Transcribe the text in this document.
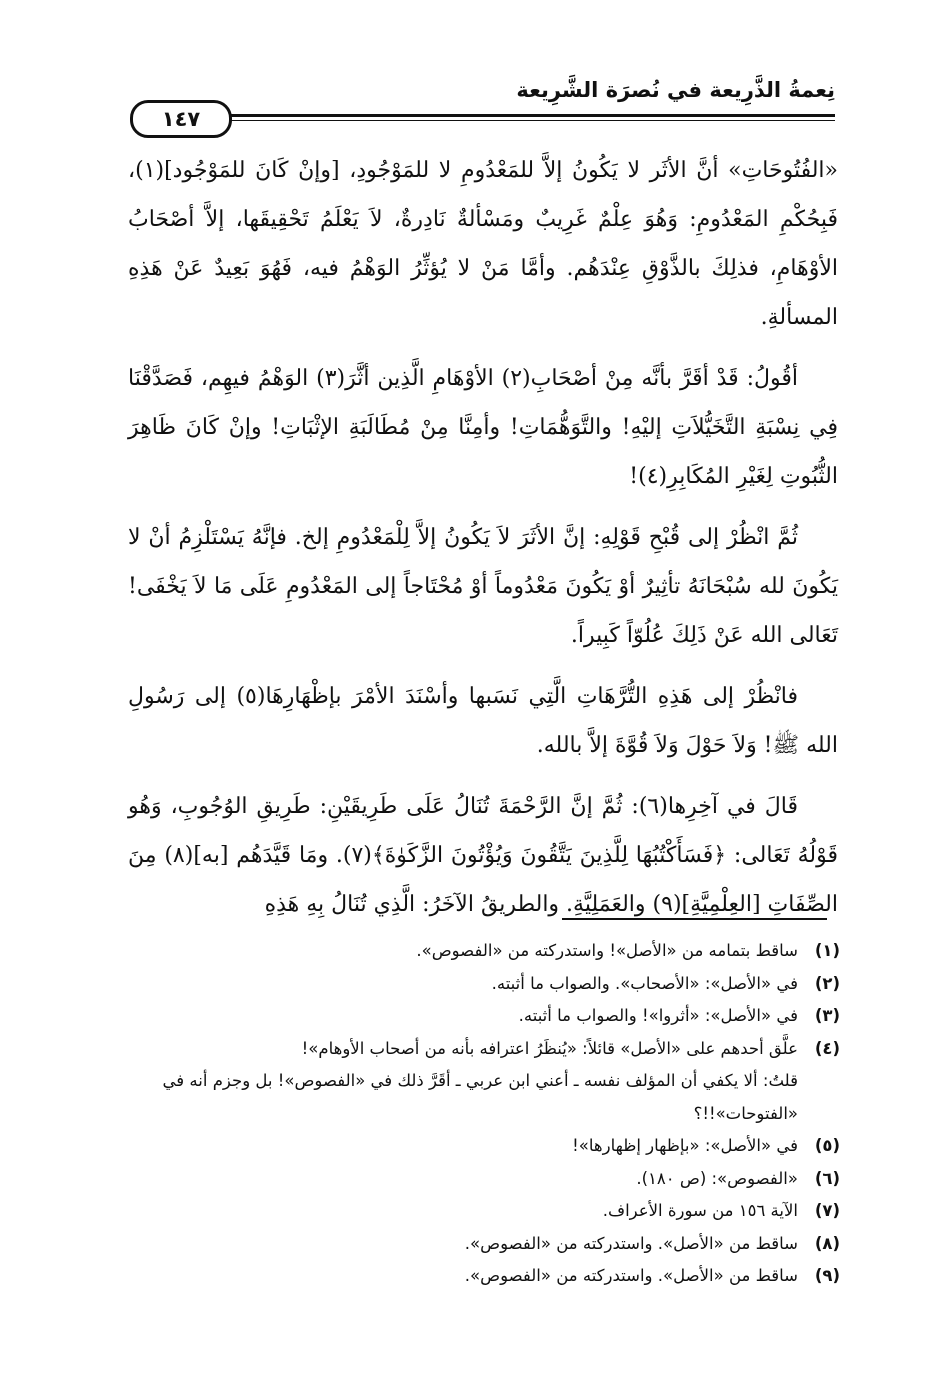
نِعمةُ الذَّرِيعة في نُصرَة الشَّرِيعة
١٤٧

«الفُتُوحَاتِ» أنَّ الأثَر لا يَكُونُ إلاَّ للمَعْدُومِ لا للمَوْجُودِ، [وإنْ كَانَ للمَوْجُود](١)، فَبِحُكْمِ المَعْدُومِ: وَهُوَ عِلْمٌ غَرِيبٌ ومَسْألةٌ نَادِرةٌ، لاَ يَعْلَمُ تَحْقِيقَها، إلاَّ أصْحَابُ الأوْهَامِ، فذلِكَ بالذَّوْقِ عِنْدَهُم. وأمَّا مَنْ لا يُؤثِّرُ الوَهْمُ فيه، فَهُوَ بَعِيدٌ عَنْ هَذِهِ المسألةِ.

أقُولُ: قَدْ أقَرَّ بأنَّه مِنْ أصْحَابِ(٢) الأوْهَامِ الَّذِين أثَّرَ(٣) الوَهْمُ فيهِم، فَصَدَّقْنَا فِي نِسْبَةِ التَّخَيُّلاَتِ إليْهِ! والتَّوَهُّمَاتِ! وأمِنَّا مِنْ مُطَالَبَةِ الإثْبَاتِ! وإنْ كَانَ ظَاهِرَ الثُّبُوتِ لِغَيْرِ المُكَابِرِ(٤)!

ثُمَّ انْظُرْ إلى قُبْحِ قَوْلِهِ: إنَّ الأثَرَ لاَ يَكُونُ إلاَّ لِلْمَعْدُومِ إلخ. فإنَّهُ يَسْتَلْزِمُ أنْ لا يَكُونَ لله سُبْحَانَهُ تأثِيرٌ أوْ يَكُونَ مَعْدُوماً أوْ مُحْتَاجاً إلى المَعْدُومِ عَلَى مَا لاَ يَخْفَى! تَعَالى الله عَنْ ذَلِكَ عُلُوّاً كَبِيراً.

فانْظُرْ إلى هَذِهِ التُّرَّهَاتِ الَّتِي نَسَبها وأسْنَدَ الأمْرَ بإظْهَارِهَا(٥) إلى رَسُولِ الله ﷺ! وَلاَ حَوْلَ وَلاَ قُوَّةَ إلاَّ بالله.

قَالَ في آخِرِها(٦): ثُمَّ إنَّ الرَّحْمَةَ تُنَالُ عَلَى طَرِيقَيْنِ: طَرِيقِ الوُجُوبِ، وَهُو قَوْلُهُ تَعَالى: ﴿فَسَأَكْتُبُهَا لِلَّذِينَ يَتَّقُونَ وَيُؤْتُونَ الزَّكَوٰةَ﴾(٧). ومَا قَيَّدَهُم [به](٨) مِنَ الصِّفَاتِ [العِلْمِيَّةِ](٩) والعَمَلِيَّةِ. والطريقُ الآخَرُ: الَّذِي تُنَالُ بِهِ هَذِهِ

(١)
ساقط بتمامه من «الأصل»! واستدركته من «الفصوص».
(٢)
في «الأصل»: «الأصحاب». والصواب ما أثبته.
(٣)
في «الأصل»: «أثروا»! والصواب ما أثبته.
(٤)
علَّق أحدهم على «الأصل» قائلاً: «يُنظَرُ اعترافه بأنه من أصحاب الأوهام»!
قلتُ: ألا يكفي أن المؤلف نفسه ـ أعني ابن عربي ـ أقَرَّ ذلك في «الفصوص»! بل وجزم أنه في «الفتوحات»!!؟
(٥)
في «الأصل»: «بإظهار إظهارها»!
(٦)
«الفصوص»: (ص ١٨٠).
(٧)
الآية ١٥٦ من سورة الأعراف.
(٨)
ساقط من «الأصل». واستدركته من «الفصوص».
(٩)
ساقط من «الأصل». واستدركته من «الفصوص».
